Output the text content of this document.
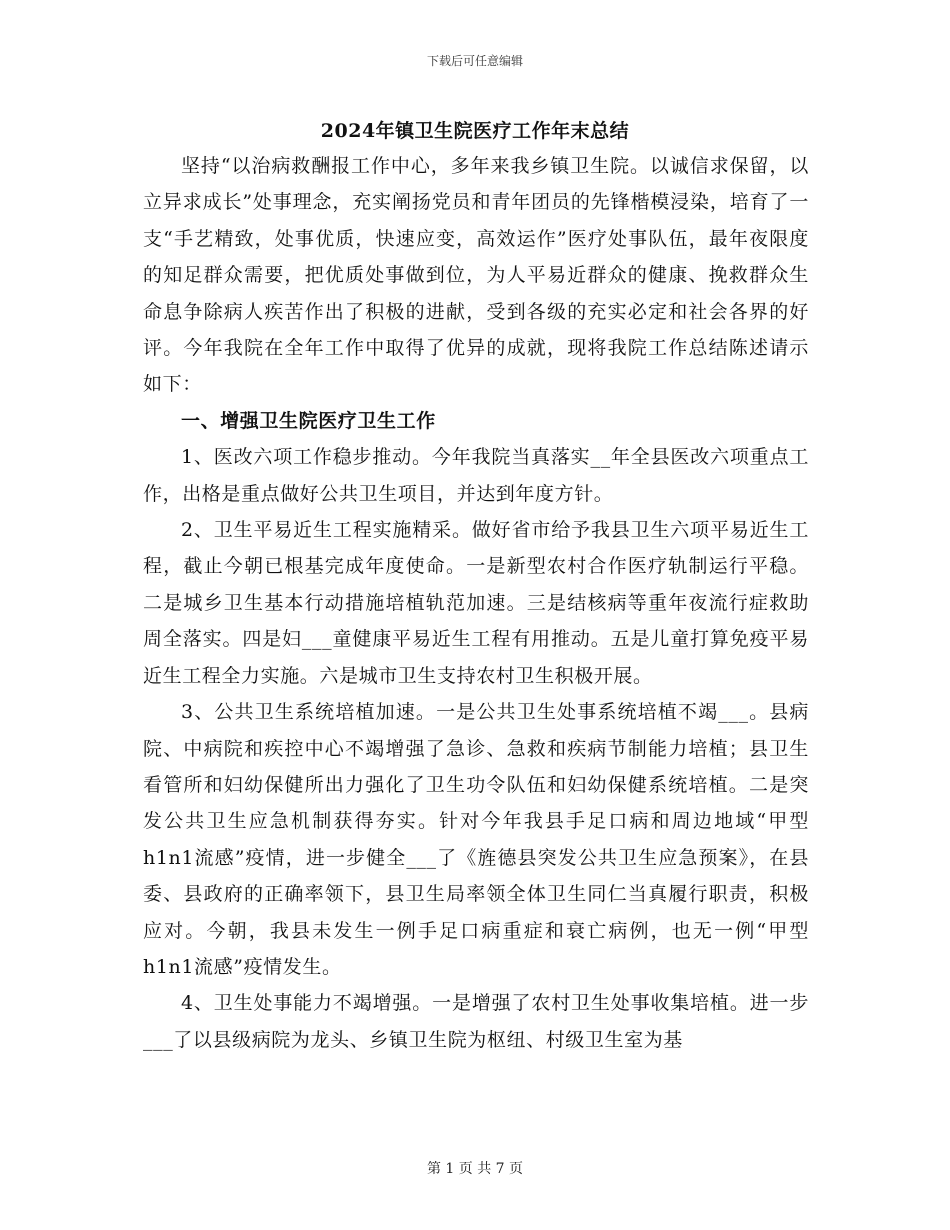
下载后可任意编辑
2024年镇卫生院医疗工作年末总结

坚持“以治病救酬报工作中心，多年来我乡镇卫生院。以诚信求保留，以立异求成长”处事理念，充实阐扬党员和青年团员的先锋楷模浸染，培育了一支“手艺精致，处事优质，快速应变，高效运作”医疗处事队伍，最年夜限度的知足群众需要，把优质处事做到位，为人平易近群众的健康、挽救群众生命息争除病人疾苦作出了积极的进献，受到各级的充实必定和社会各界的好评。今年我院在全年工作中取得了优异的成就，现将我院工作总结陈述请示如下：

一、增强卫生院医疗卫生工作

1、医改六项工作稳步推动。今年我院当真落实__年全县医改六项重点工作，出格是重点做好公共卫生项目，并达到年度方针。

2、卫生平易近生工程实施精采。做好省市给予我县卫生六项平易近生工程，截止今朝已根基完成年度使命。一是新型农村合作医疗轨制运行平稳。二是城乡卫生基本行动措施培植轨范加速。三是结核病等重年夜流行症救助周全落实。四是妇___童健康平易近生工程有用推动。五是儿童打算免疫平易近生工程全力实施。六是城市卫生支持农村卫生积极开展。

3、公共卫生系统培植加速。一是公共卫生处事系统培植不竭___。县病院、中病院和疾控中心不竭增强了急诊、急救和疾病节制能力培植；县卫生看管所和妇幼保健所出力强化了卫生功令队伍和妇幼保健系统培植。二是突发公共卫生应急机制获得夯实。针对今年我县手足口病和周边地域“甲型h1n1流感”疫情，进一步健全___了《旌德县突发公共卫生应急预案》，在县委、县政府的正确率领下，县卫生局率领全体卫生同仁当真履行职责，积极应对。今朝，我县未发生一例手足口病重症和衰亡病例，也无一例“甲型h1n1流感”疫情发生。

4、卫生处事能力不竭增强。一是增强了农村卫生处事收集培植。进一步___了以县级病院为龙头、乡镇卫生院为枢纽、村级卫生室为基

第 1 页 共 7 页
